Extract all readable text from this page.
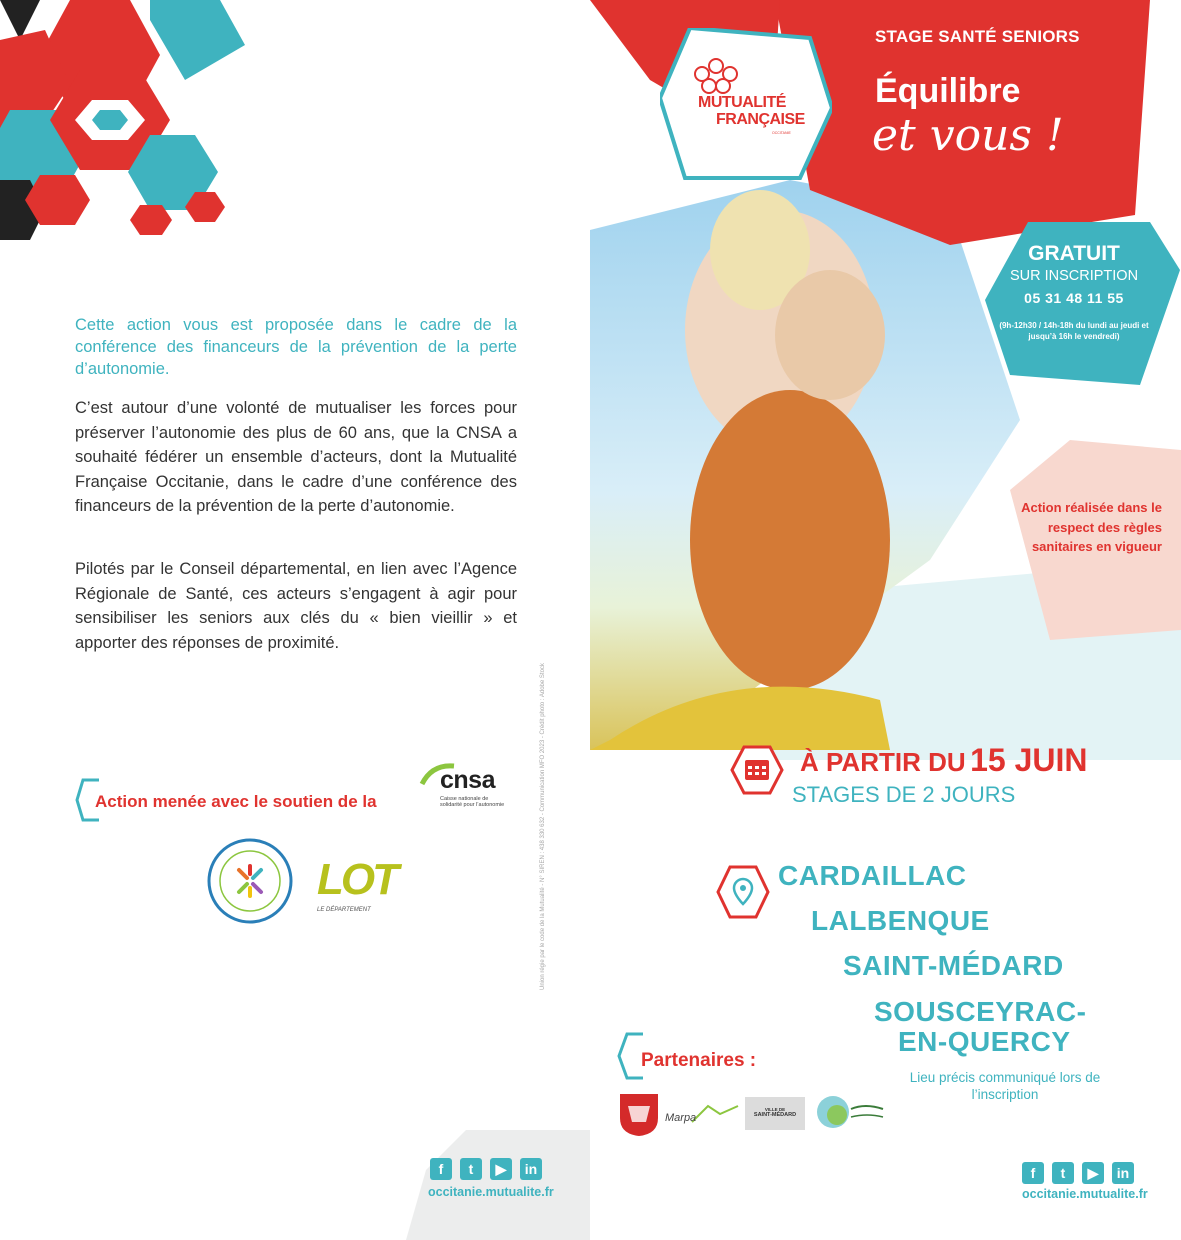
Cette action vous est proposée dans le cadre de la conférence des financeurs de la prévention de la perte d’autonomie.

C’est autour d’une volonté de mutualiser les forces pour préserver l’autonomie des plus de 60 ans, que la CNSA a souhaité fédérer un ensemble d’acteurs, dont la Mutualité Française Occitanie, dans le cadre d’une conférence des financeurs de la prévention de la perte d’autonomie.

Pilotés par le Conseil départemental, en lien avec l’Agence Régionale de Santé, ces acteurs s’engagent à agir pour sensibiliser les seniors aux clés du « bien vieillir » et apporter des réponses de proximité.

Action menée avec le soutien de la
cnsa
Caisse nationale de solidarité pour l’autonomie
LOT
LE DÉPARTEMENT	Union régie par le code de la Mutualité - N° SIREN : 438 330 632 - Communication MFO 2023 - Crédit photo : Adobe Stock
f	t	▶	in
occitanie.mutualite.fr
STAGE SANTÉ SENIORS
Équilibre
et vous !
MUTUALITÉ
FRANÇAISE
OCCITANIE
GRATUIT
SUR INSCRIPTION
05 31 48 11 55
(9h-12h30 / 14h-18h du lundi au jeudi et jusqu’à 16h le vendredi)

Action réalisée dans le respect des règles sanitaires en vigueur

À PARTIR DU 15 JUIN
STAGES DE 2 JOURS
CARDAILLAC
LALBENQUE
SAINT-MÉDARD
SOUSCEYRAC-
EN-QUERCY

Lieu précis communiqué lors de l’inscription

Partenaires :
Marpa
VILLE DE
SAINT-MÉDARD
f	t	▶	in
occitanie.mutualite.fr
